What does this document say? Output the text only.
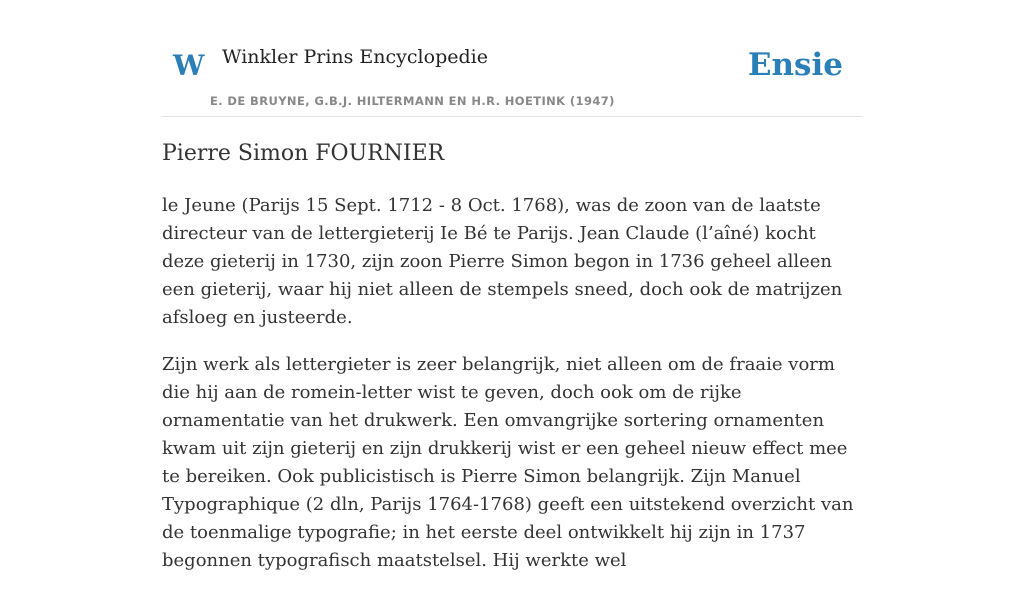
W Winkler Prins Encyclopedie
E. DE BRUYNE, G.B.J. HILTERMANN EN H.R. HOETINK (1947)
Ensie
Pierre Simon FOURNIER

le Jeune (Parijs 15 Sept. 1712 - 8 Oct. 1768), was de zoon van de laatste directeur van de lettergieterij Ie Bé te Parijs. Jean Claude (l’aîné) kocht deze gieterij in 1730, zijn zoon Pierre Simon begon in 1736 geheel alleen een gieterij, waar hij niet alleen de stempels sneed, doch ook de matrijzen afsloeg en justeerde.

Zijn werk als lettergieter is zeer belangrijk, niet alleen om de fraaie vorm die hij aan de romein-letter wist te geven, doch ook om de rijke ornamentatie van het drukwerk. Een omvangrijke sortering ornamenten kwam uit zijn gieterij en zijn drukkerij wist er een geheel nieuw effect mee te bereiken. Ook publicistisch is Pierre Simon belangrijk. Zijn Manuel Typographique (2 dln, Parijs 1764-1768) geeft een uitstekend overzicht van de toenmalige typografie; in het eerste deel ontwikkelt hij zijn in 1737 begonnen typografisch maatstelsel. Hij werkte wel
